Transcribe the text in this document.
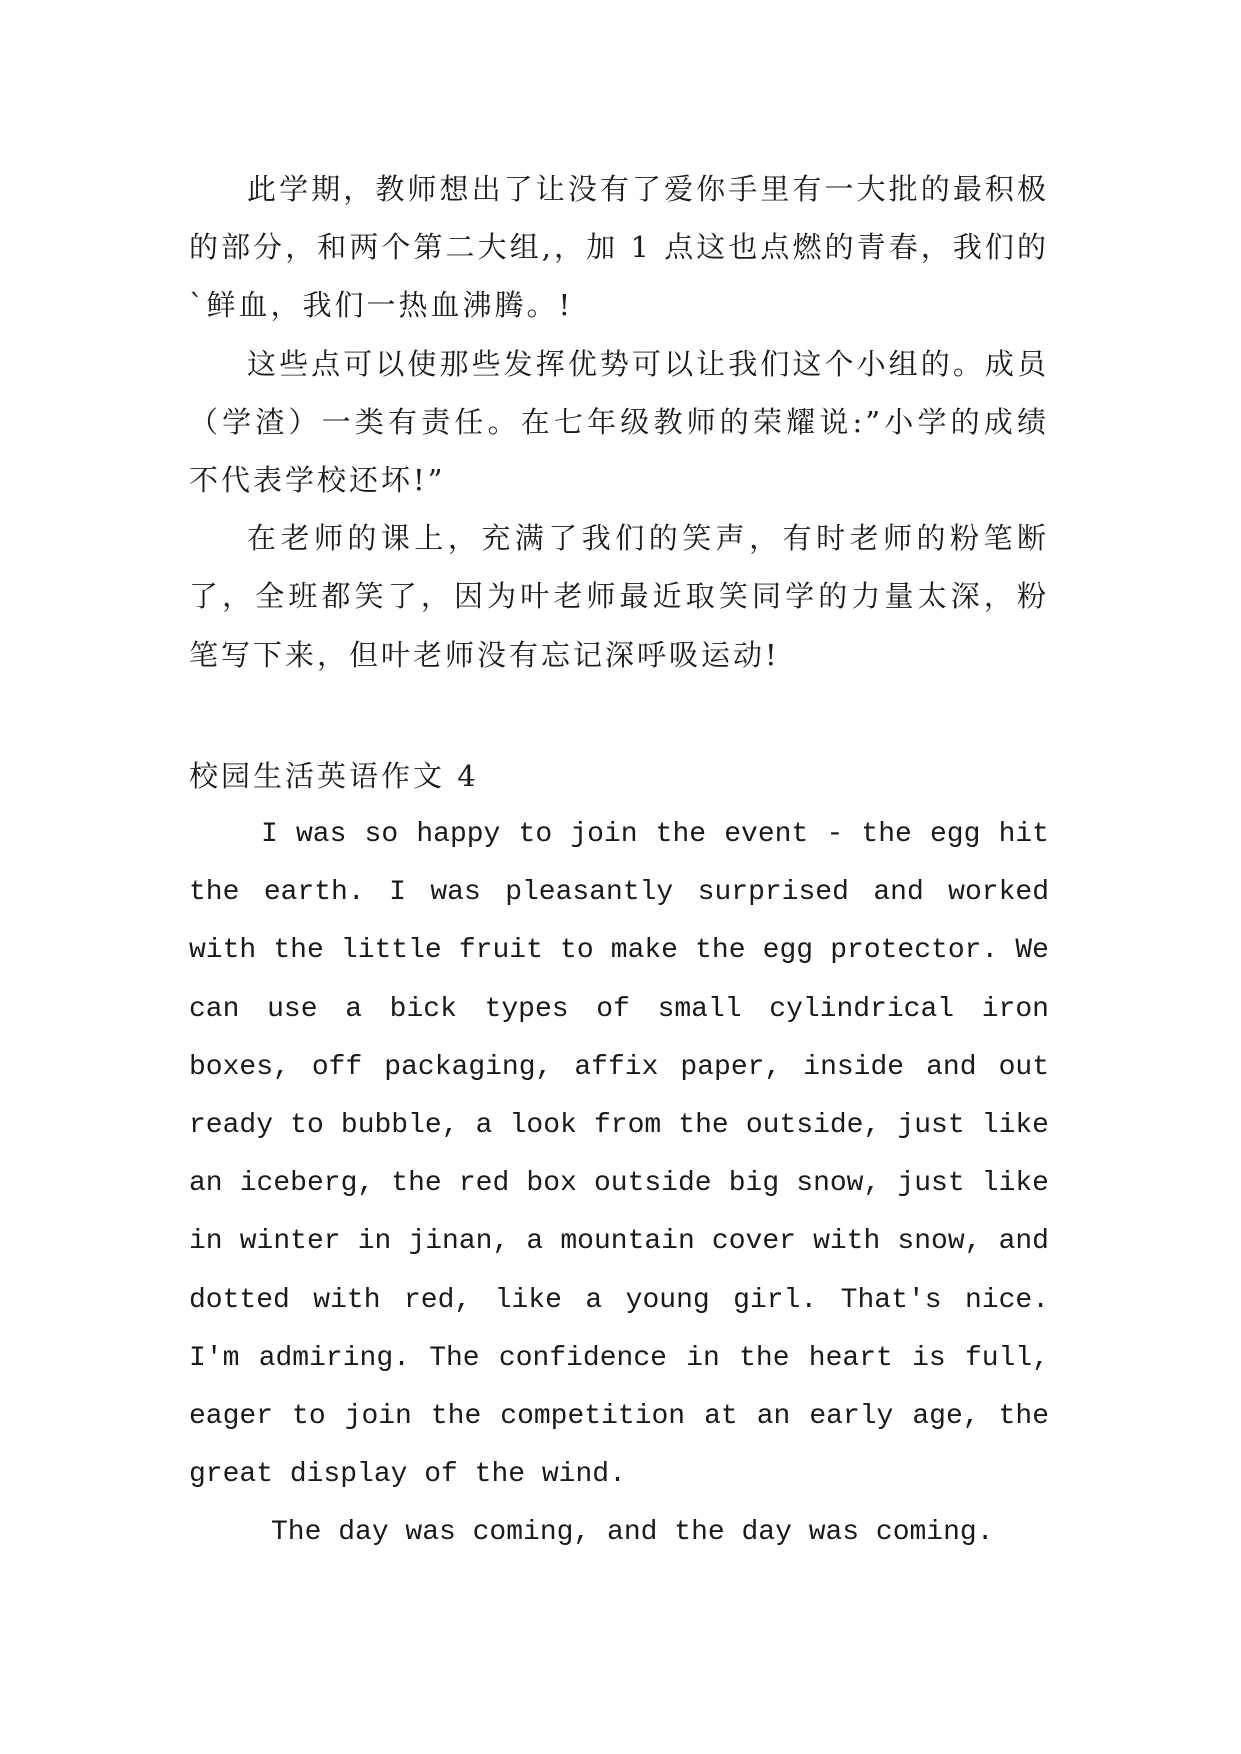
此学期，教师想出了让没有了爱你手里有一大批的最积极的部分，和两个第二大组,，加 1 点这也点燃的青春，我们的`鲜血，我们一热血沸腾。!

这些点可以使那些发挥优势可以让我们这个小组的。成员（学渣）一类有责任。在七年级教师的荣耀说:”小学的成绩不代表学校还坏!”

在老师的课上，充满了我们的笑声，有时老师的粉笔断了，全班都笑了，因为叶老师最近取笑同学的力量太深，粉笔写下来，但叶老师没有忘记深呼吸运动!

校园生活英语作文 4

I was so happy to join the event - the egg hit the earth. I was pleasantly surprised and worked with the little fruit to make the egg protector. We can use a bick types of small cylindrical iron boxes, off packaging, affix paper, inside and out ready to bubble, a look from the outside, just like an iceberg, the red box outside big snow, just like in winter in jinan, a mountain cover with snow, and dotted with red, like a young girl. That's nice. I'm admiring. The confidence in the heart is full, eager to join the competition at an early age, the great display of the wind.

The day was coming, and the day was coming.
